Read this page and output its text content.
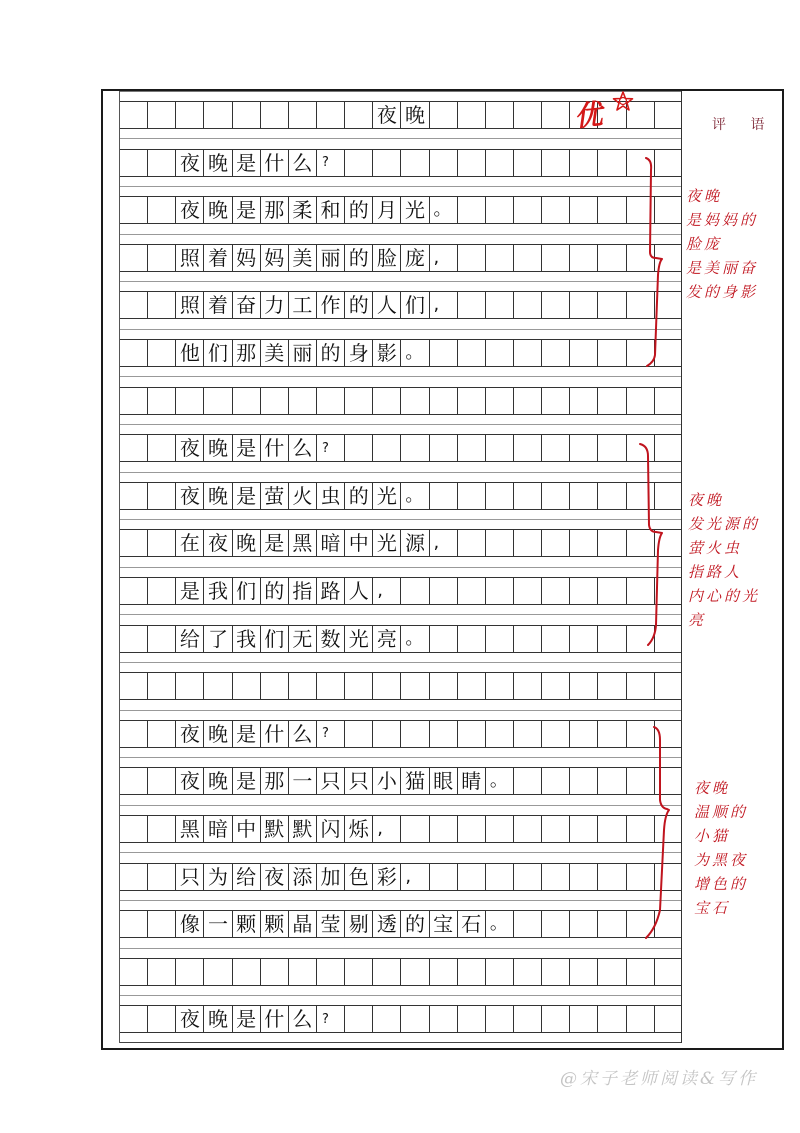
夜 晚
夜 晚 是 什 么 ?
夜 晚 是 那 柔 和 的 月 光 。
照 着 妈 妈 美 丽 的 脸 庞 ,
照 着 奋 力 工 作 的 人 们 ,
他 们 那 美 丽 的 身 影 。
夜 晚 是 什 么 ?
夜 晚 是 萤 火 虫 的 光 。
在 夜 晚 是 黑 暗 中 光 源 ,
是 我 们 的 指 路 人 ,
给 了 我 们 无 数 光 亮 。
夜 晚 是 什 么 ?
夜 晚 是 那 一 只 只 小 猫 眼 睛 。
黑 暗 中 默 默 闪 烁 ,
只 为 给 夜 添 加 色 彩 ,
像 一 颗 颗 晶 莹 剔 透 的 宝 石 。
夜 晚 是 什 么 ?
优	评 语
夜晚
是妈妈的
脸庞
是美丽奋
发的身影
夜晚
发光源的
萤火虫
指路人
内心的光
亮
夜晚
温顺的
小猫
为黑夜
增色的
宝石
@宋子老师阅读&写作
